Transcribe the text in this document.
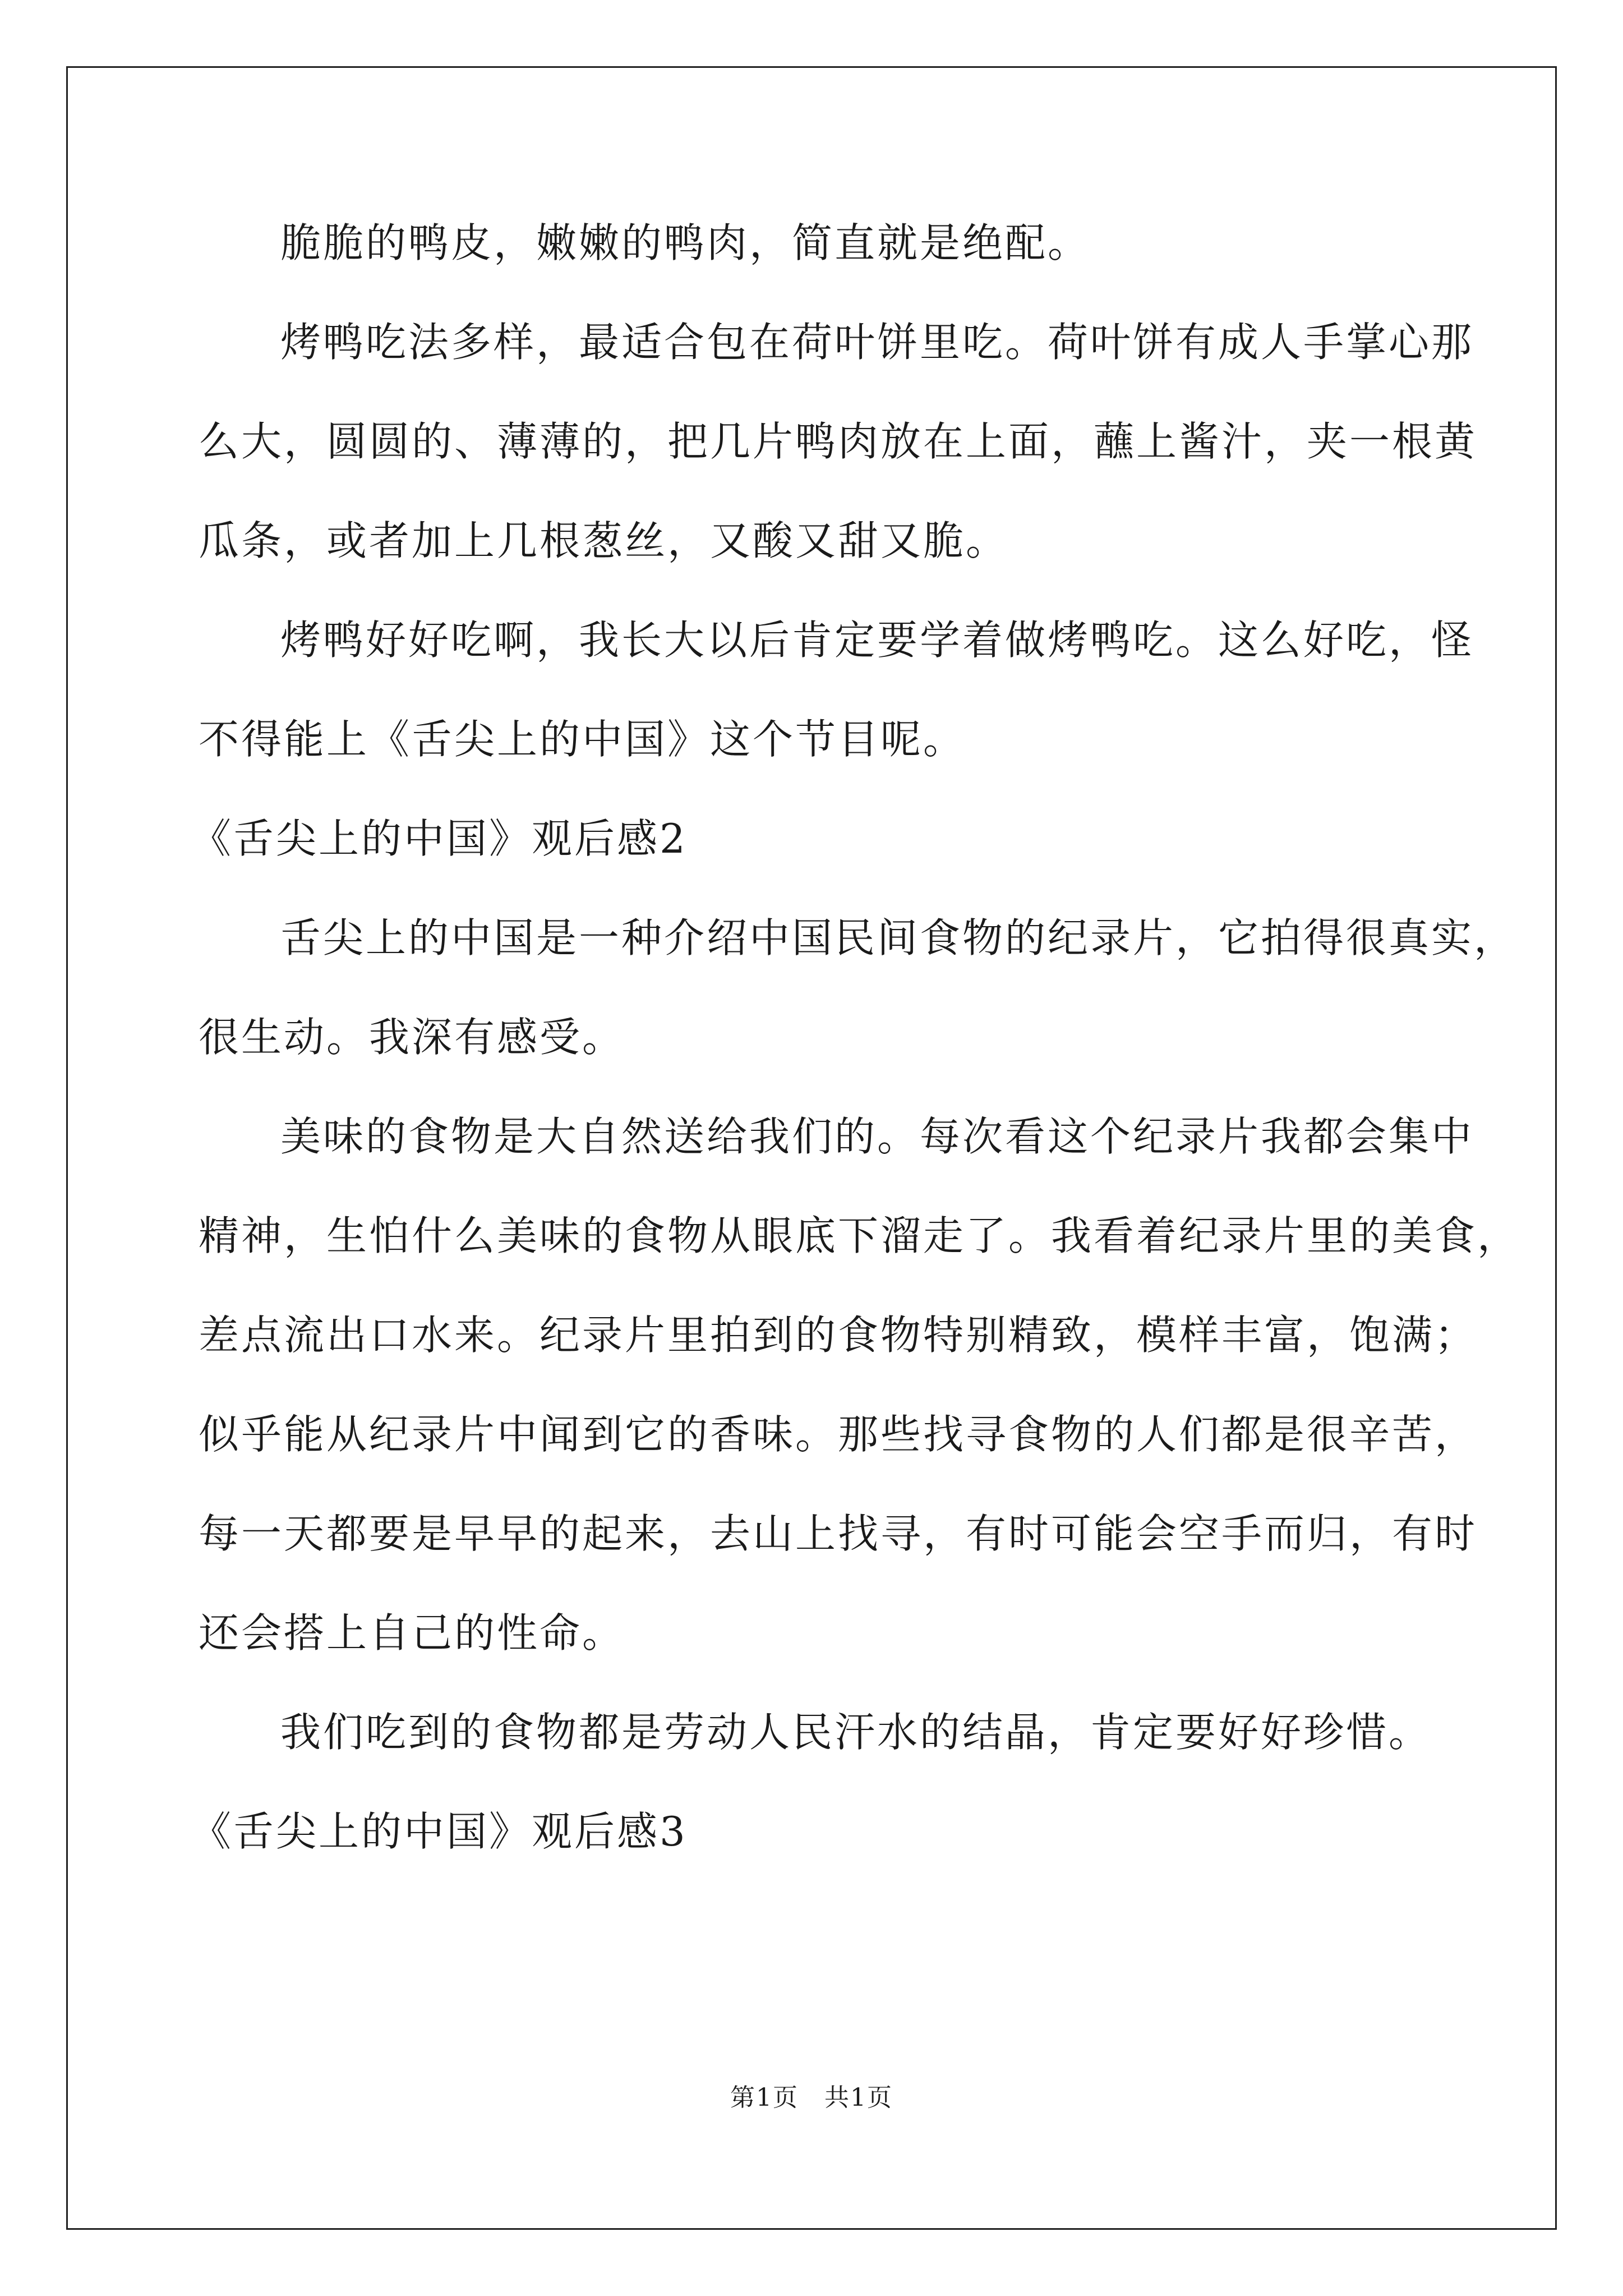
脆脆的鸭皮，嫩嫩的鸭肉，简直就是绝配。
烤鸭吃法多样，最适合包在荷叶饼里吃。荷叶饼有成人手掌心那
么大，圆圆的、薄薄的，把几片鸭肉放在上面，蘸上酱汁，夹一根黄
瓜条，或者加上几根葱丝，又酸又甜又脆。
烤鸭好好吃啊，我长大以后肯定要学着做烤鸭吃。这么好吃，怪
不得能上《舌尖上的中国》这个节目呢。
《舌尖上的中国》观后感2
舌尖上的中国是一种介绍中国民间食物的纪录片，它拍得很真实，
很生动。我深有感受。
美味的食物是大自然送给我们的。每次看这个纪录片我都会集中
精神，生怕什么美味的食物从眼底下溜走了。我看着纪录片里的美食，
差点流出口水来。纪录片里拍到的食物特别精致，模样丰富，饱满；
似乎能从纪录片中闻到它的香味。那些找寻食物的人们都是很辛苦，
每一天都要是早早的起来，去山上找寻，有时可能会空手而归，有时
还会搭上自己的性命。
我们吃到的食物都是劳动人民汗水的结晶，肯定要好好珍惜。
《舌尖上的中国》观后感3
第1页　共1页
